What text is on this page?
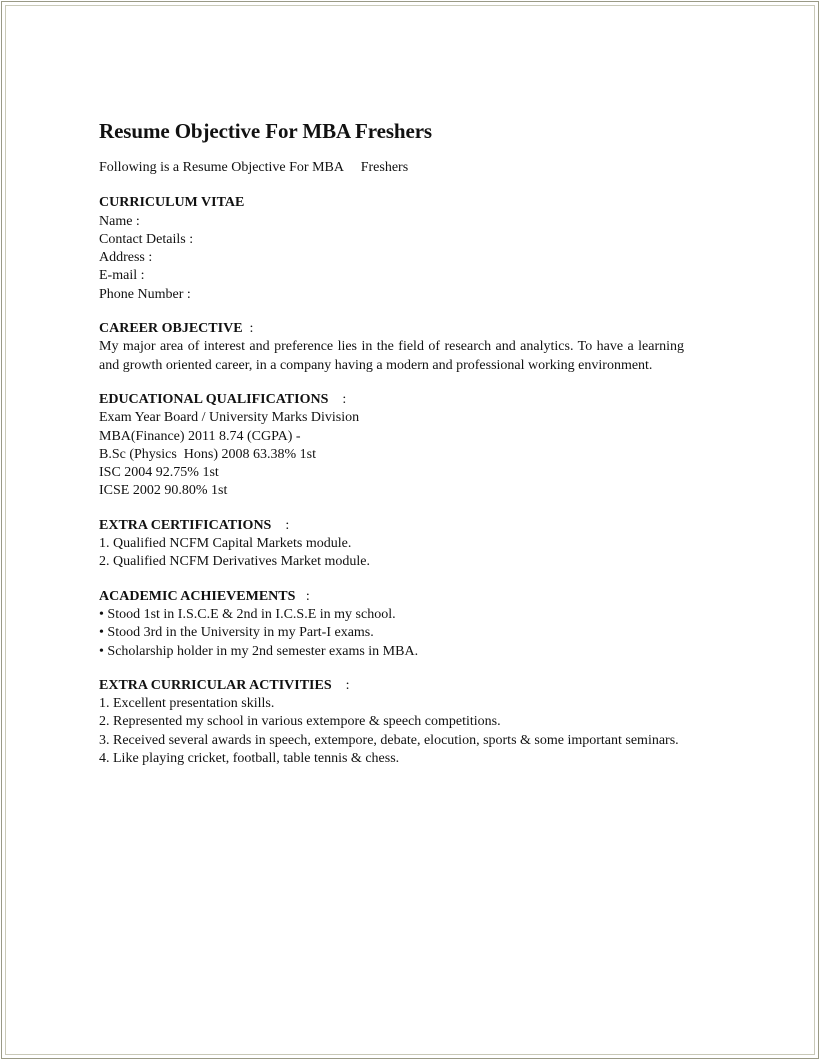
Resume Objective For MBA Freshers
Following is a Resume Objective For MBA     Freshers
CURRICULUM VITAE
Name :
Contact Details :
Address :
E-mail :
Phone Number :
CAREER OBJECTIVE  :
My major area of interest and preference lies in the field of research and analytics. To have a learning and growth oriented career, in a company having a modern and professional working environment.
EDUCATIONAL QUALIFICATIONS    :
Exam Year Board / University Marks Division
MBA(Finance) 2011 8.74 (CGPA) -
B.Sc (Physics  Hons) 2008 63.38% 1st
ISC 2004 92.75% 1st
ICSE 2002 90.80% 1st
EXTRA CERTIFICATIONS    :
1. Qualified NCFM Capital Markets module.
2. Qualified NCFM Derivatives Market module.
ACADEMIC ACHIEVEMENTS   :
• Stood 1st in I.S.C.E & 2nd in I.C.S.E in my school.
• Stood 3rd in the University in my Part-I exams.
• Scholarship holder in my 2nd semester exams in MBA.
EXTRA CURRICULAR ACTIVITIES    :
1. Excellent presentation skills.
2. Represented my school in various extempore & speech competitions.
3. Received several awards in speech, extempore, debate, elocution, sports & some important seminars.
4. Like playing cricket, football, table tennis & chess.
